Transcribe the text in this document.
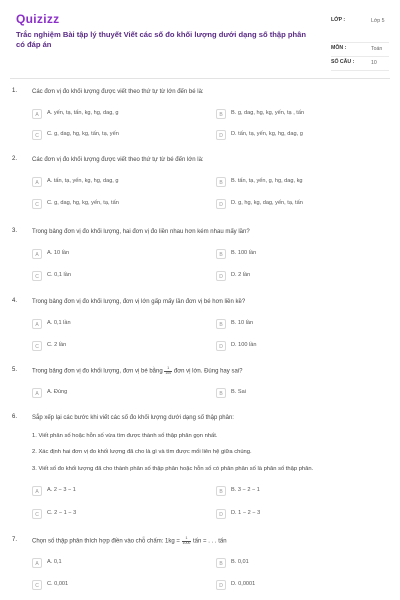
Quizizz
Trắc nghiệm Bài tập lý thuyết Viết các số đo khối lượng dưới dạng số thập phân có đáp án
LỚP :	Lớp 5
MÔN :	Toán
SỐ CÂU :	10
1. Các đơn vị đo khối lượng được viết theo thứ tự từ lớn đến bé là:
A	A. yến, tạ, tấn, kg, hg, dag, g	B	B. g, dag, hg, kg, yến, tạ , tấn
C	C. g, dag, hg, kg, tấn, tạ, yến	D	D. tấn, tạ, yến, kg, hg, dag, g
2. Các đơn vị đo khối lượng được viết theo thứ tự từ bé đến lớn là:
A	A. tấn, tạ, yến, kg, hg, dag, g	B	B. tấn, tạ, yến, g, hg, dag, kg
C	C. g, dag, hg, kg, yến, tạ, tấn	D	D. g, hg, kg, dag, yến, tạ, tấn
3. Trong bảng đơn vị đo khối lượng, hai đơn vị đo liền nhau hơn kém nhau mấy lần?
A	A. 10 lần	B	B. 100 lần
C	C. 0,1 lần	D	D. 2 lần
4. Trong bảng đơn vị đo khối lượng, đơn vị lớn gấp mấy lần đơn vị bé hơn liền kề?
A	A. 0,1 lần	B	B. 10 lần
C	C. 2 lần	D	D. 100 lần
5. Trong bảng đơn vị đo khối lượng, đơn vị bé bằng $\frac{1}{100}$ đơn vị lớn. Đúng hay sai?
A	A. Đúng	B	B. Sai
6. Sắp xếp lại các bước khi viết các số đo khối lượng dưới dạng số thập phân:
1. Viết phân số hoặc hỗn số vừa tìm được thành số thập phân gọn nhất.
2. Xác định hai đơn vị đo khối lượng đã cho là gì và tìm được mối liên hệ giữa chúng.
3. Viết số đo khối lượng đã cho thành phân số thập phân hoặc hỗn số có phân phân số là phân số thập phân.
A	A. 2 − 3 − 1	B	B. 3 − 2 − 1
C	C. 2 − 1 − 3	D	D. 1 − 2 − 3
7. Chọn số thập phân thích hợp điền vào chỗ chấm: $1kg = \frac{1}{1000}$ tấn = . . . tấn
A	A. 0,1	B	B. 0,01
C	C. 0,001	D	D. 0,0001
